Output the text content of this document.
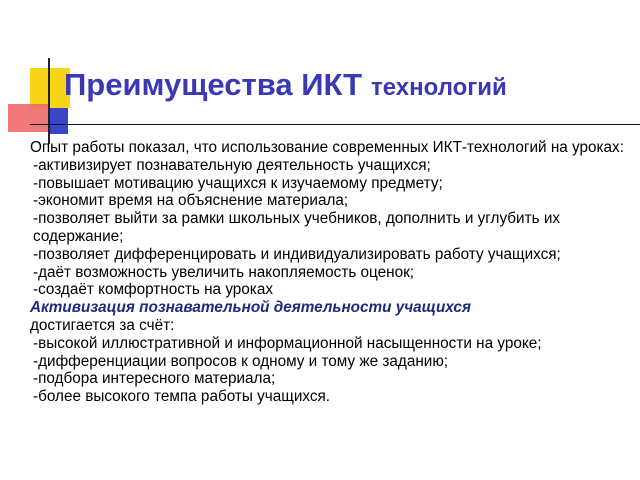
Преимущества ИКТ технологий

Опыт работы показал, что использование современных ИКТ-технологий на уроках:

-активизирует познавательную деятельность учащихся;

-повышает мотивацию учащихся к изучаемому предмету;

-экономит время на объяснение материала;

-позволяет выйти за рамки школьных учебников, дополнить и углубить их содержание;

-позволяет дифференцировать и индивидуализировать работу учащихся;

-даёт возможность увеличить накопляемость оценок;

-создаёт комфортность на уроках

Активизация познавательной деятельности учащихся

достигается за счёт:

-высокой иллюстративной и информационной насыщенности на уроке;

-дифференциации вопросов к одному и тому же заданию;

-подбора интересного материала;

-более высокого темпа работы учащихся.
